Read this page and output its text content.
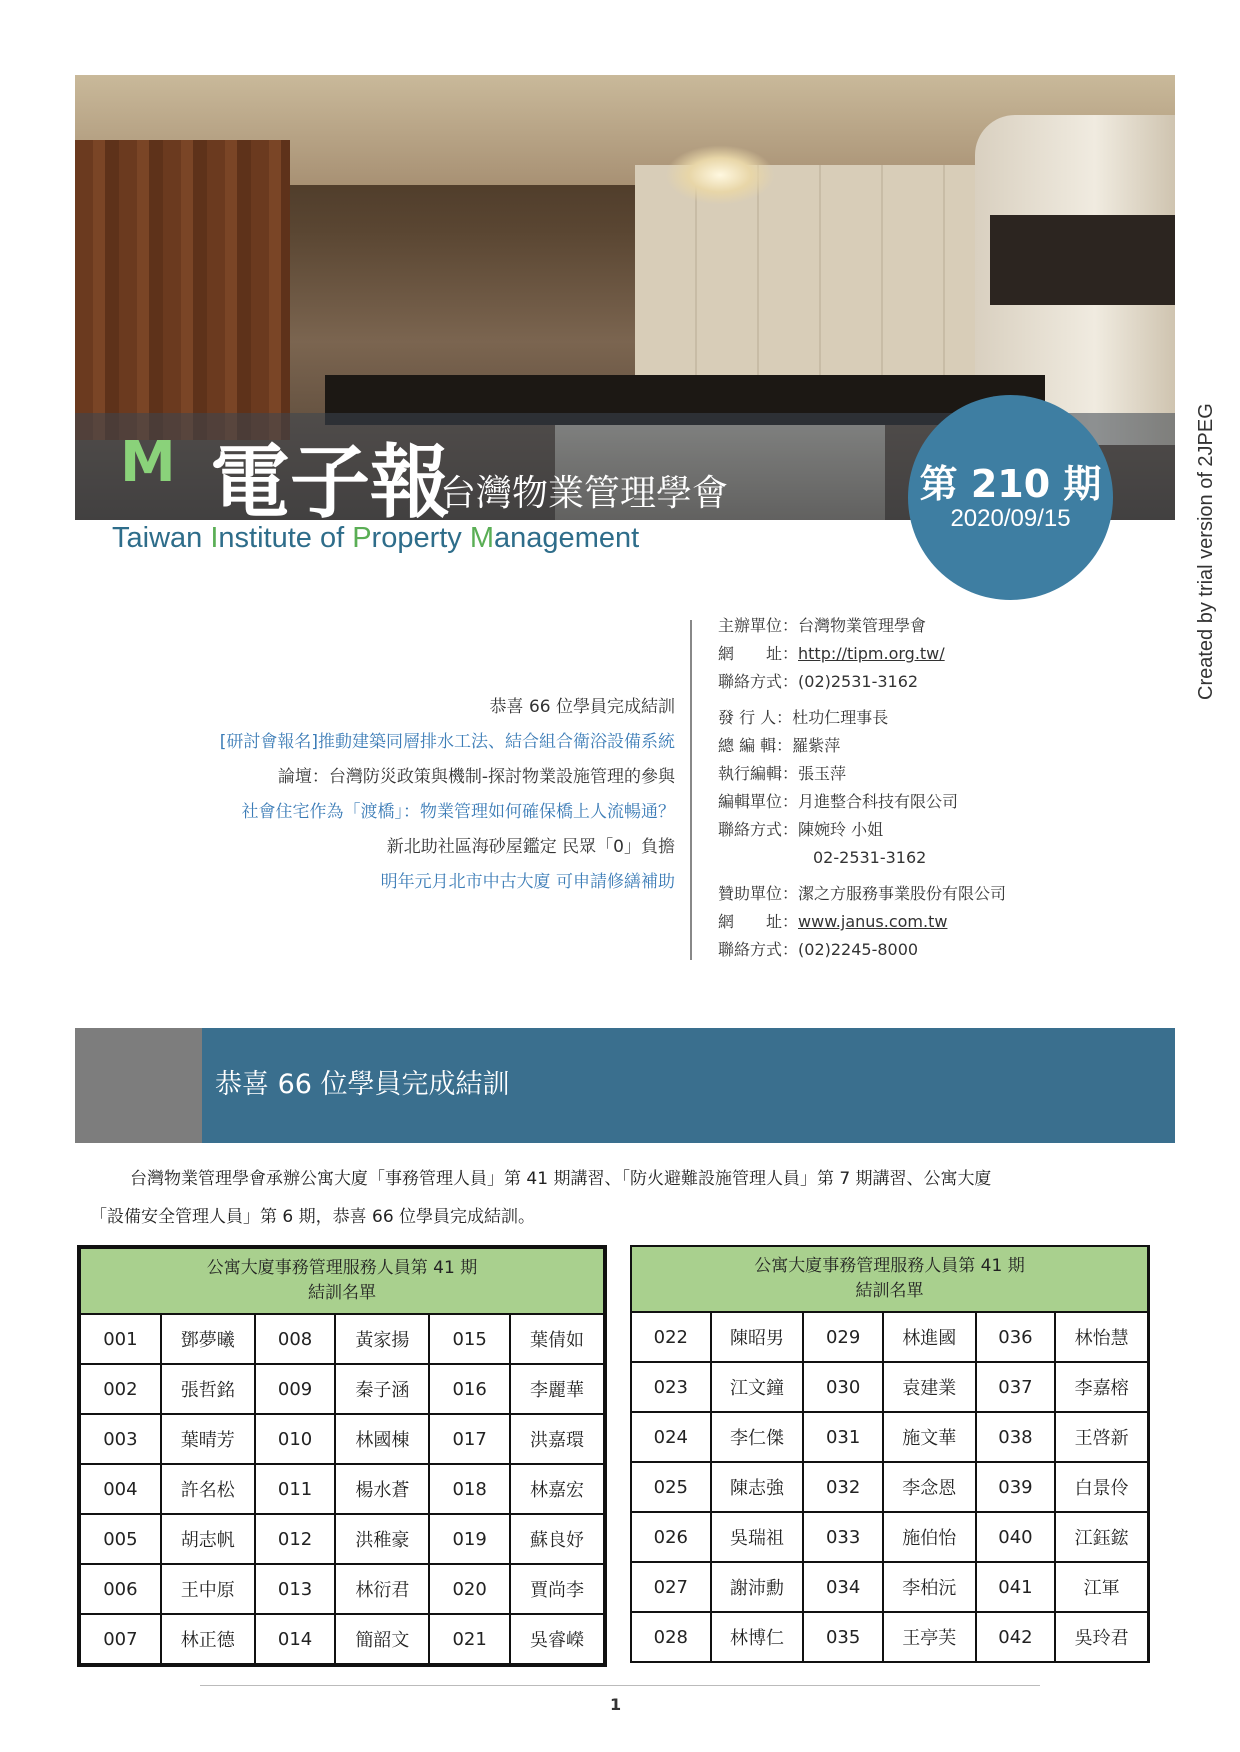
M 電子報
台灣物業管理學會
Taiwan Institute of Property Management
第 210 期
2020/09/15
恭喜 66 位學員完成結訓
[研討會報名]推動建築同層排水工法、結合組合衛浴設備系統
論壇：台灣防災政策與機制-探討物業設施管理的參與
社會住宅作為「渡橋」：物業管理如何確保橋上人流暢通？
新北助社區海砂屋鑑定 民眾「0」負擔
明年元月北市中古大廈 可申請修繕補助
主辦單位：台灣物業管理學會
網　　址：http://tipm.org.tw/
聯絡方式：(02)2531-3162
發 行 人：杜功仁理事長
總 編 輯：羅紫萍
執行編輯：張玉萍
編輯單位：月進整合科技有限公司
聯絡方式：陳婉玲 小姐
02-2531-3162
贊助單位：潔之方服務事業股份有限公司
網　　址：www.janus.com.tw
聯絡方式：(02)2245-8000
恭喜 66 位學員完成結訓
台灣物業管理學會承辦公寓大廈「事務管理人員」第 41 期講習、「防火避難設施管理人員」第 7 期講習、公寓大廈
「設備安全管理人員」第 6 期，恭喜 66 位學員完成結訓。
公寓大廈事務管理服務人員第 41 期
結訓名單					
001	鄧夢曦	008	黃家揚	015	葉倩如
002	張哲銘	009	秦子涵	016	李麗華
003	葉晴芳	010	林國棟	017	洪嘉環
004	許名松	011	楊水蒼	018	林嘉宏
005	胡志帆	012	洪稚豪	019	蘇良妤
006	王中原	013	林衍君	020	賈尚李
007	林正德	014	簡韶文	021	吳睿嶸
公寓大廈事務管理服務人員第 41 期
結訓名單					
022	陳昭男	029	林進國	036	林怡慧
023	江文鐘	030	袁建業	037	李嘉榕
024	李仁傑	031	施文華	038	王啓新
025	陳志強	032	李念恩	039	白景伶
026	吳瑞祖	033	施伯怡	040	江鈺鋐
027	謝沛勳	034	李柏沅	041	江軍
028	林博仁	035	王亭芙	042	吳玲君
1
Created by trial version of 2JPEG
